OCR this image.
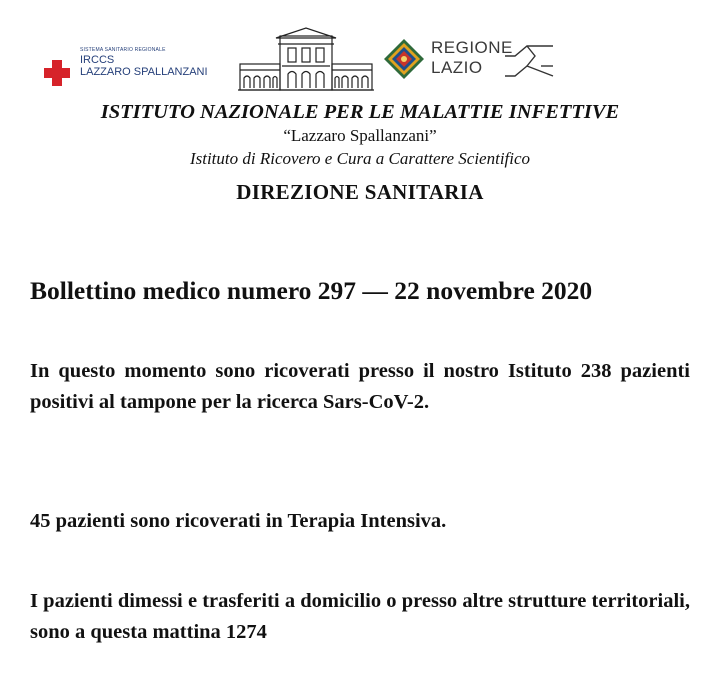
SISTEMA SANITARIO REGIONALE
IRCCS
LAZZARO SPALLANZANI
REGIONE
LAZIO
ISTITUTO NAZIONALE PER LE MALATTIE INFETTIVE
“Lazzaro Spallanzani”
Istituto di Ricovero e Cura a Carattere Scientifico
DIREZIONE SANITARIA
Bollettino medico numero 297 — 22 novembre 2020
In questo momento sono ricoverati presso il nostro Istituto 238 pazienti positivi al tampone per la ricerca Sars-CoV-2.
45 pazienti sono ricoverati in Terapia Intensiva.
I pazienti dimessi e trasferiti a domicilio o presso altre strutture territoriali, sono a questa mattina 1274
